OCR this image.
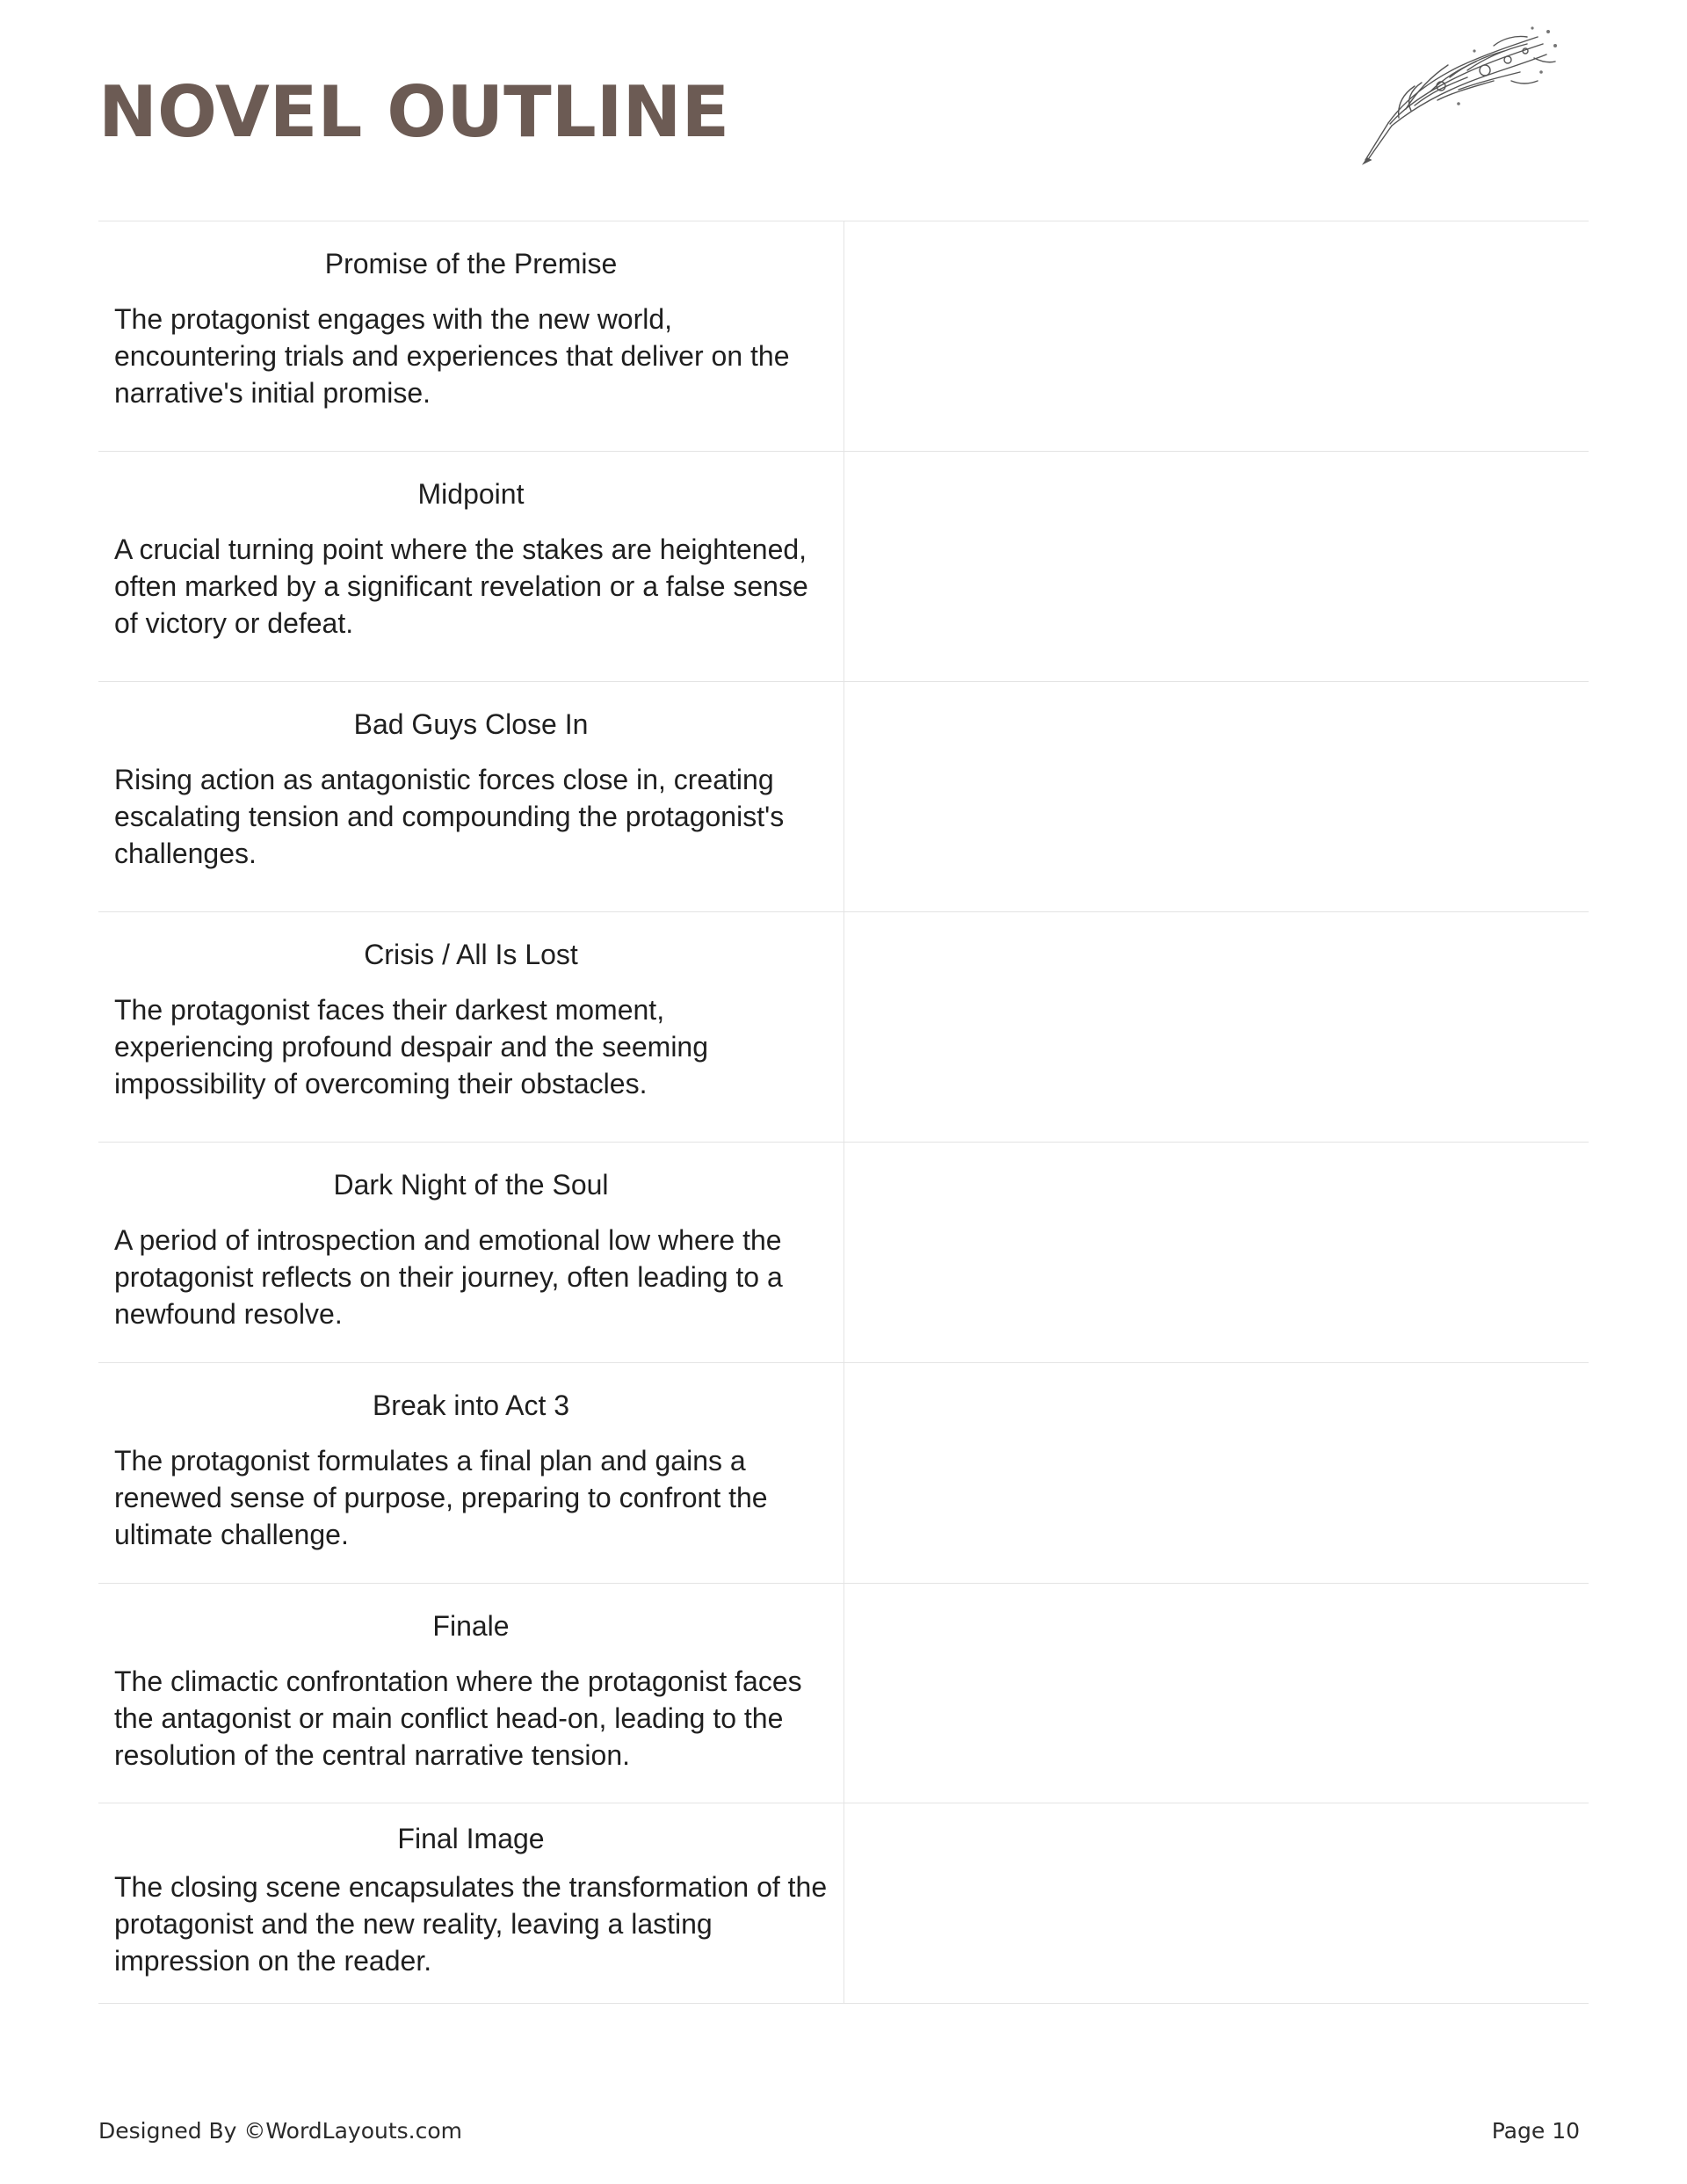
NOVEL OUTLINE

Promise of the Premise

The protagonist engages with the new world, encountering trials and experiences that deliver on the narrative's initial promise.

Midpoint

A crucial turning point where the stakes are heightened, often marked by a significant revelation or a false sense of victory or defeat.

Bad Guys Close In

Rising action as antagonistic forces close in, creating escalating tension and compounding the protagonist's challenges.

Crisis / All Is Lost

The protagonist faces their darkest moment, experiencing profound despair and the seeming impossibility of overcoming their obstacles.

Dark Night of the Soul

A period of introspection and emotional low where the protagonist reflects on their journey, often leading to a newfound resolve.

Break into Act 3

The protagonist formulates a final plan and gains a renewed sense of purpose, preparing to confront the ultimate challenge.

Finale

The climactic confrontation where the protagonist faces the antagonist or main conflict head-on, leading to the resolution of the central narrative tension.

Final Image

The closing scene encapsulates the transformation of the protagonist and the new reality, leaving a lasting impression on the reader.

Designed By ©WordLayouts.com	Page 10
